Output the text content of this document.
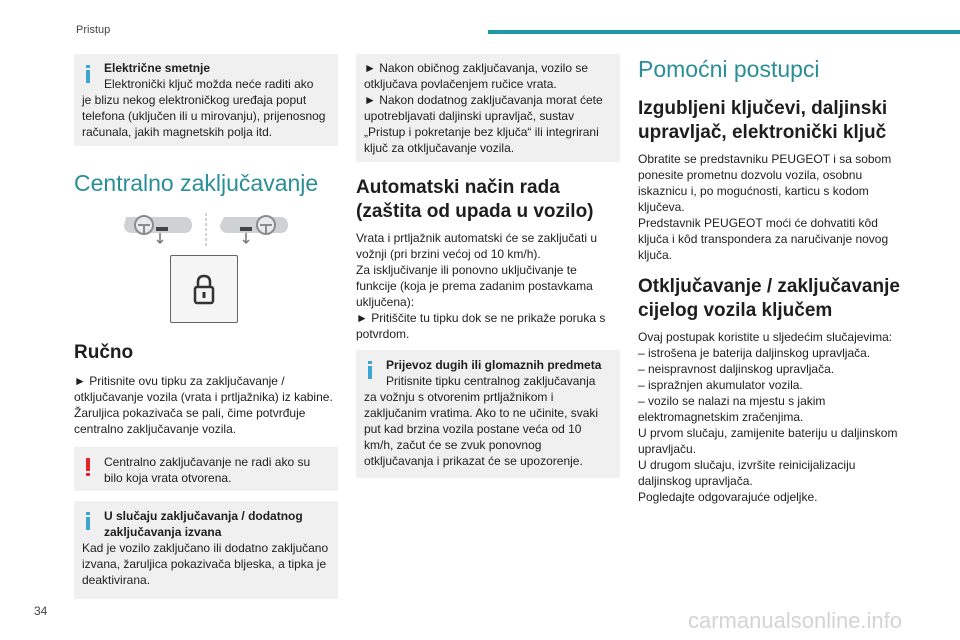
Pristup
Električne smetnje
Elektronički ključ možda neće raditi ako
je blizu nekog elektroničkog uređaja poput telefona (uključen ili u mirovanju), prijenosnog računala, jakih magnetskih polja itd.
Centralno zaključavanje
Ručno
► Pritisnite ovu tipku za zaključavanje / otključavanje vozila (vrata i prtljažnika) iz kabine.
Žaruljica pokazivača se pali, čime potvrđuje centralno zaključavanje vozila.
Centralno zaključavanje ne radi ako su bilo koja vrata otvorena.
U slučaju zaključavanja / dodatnog zaključavanja izvana
Kad je vozilo zaključano ili dodatno zaključano izvana, žaruljica pokazivača bljeska, a tipka je deaktivirana.
► Nakon običnog zaključavanja, vozilo se otključava povlačenjem ručice vrata.
► Nakon dodatnog zaključavanja morat ćete upotrebljavati daljinski upravljač, sustav „Pristup i pokretanje bez ključa“ ili integrirani ključ za otključavanje vozila.
Automatski način rada (zaštita od upada u vozilo)
Vrata i prtljažnik automatski će se zaključati u vožnji (pri brzini većoj od 10 km/h).
Za isključivanje ili ponovno uključivanje te funkcije (koja je prema zadanim postavkama uključena):
► Pritiščite tu tipku dok se ne prikaže poruka s potvrdom.
Prijevoz dugih ili glomaznih predmeta
Pritisnite tipku centralnog zaključavanja
za vožnju s otvorenim prtljažnikom i zaključanim vratima. Ako to ne učinite, svaki put kad brzina vozila postane veća od 10 km/h, začut će se zvuk ponovnog otključavanja i prikazat će se upozorenje.
Pomoćni postupci
Izgubljeni ključevi, daljinski upravljač, elektronički ključ
Obratite se predstavniku PEUGEOT i sa sobom ponesite prometnu dozvolu vozila, osobnu iskaznicu i, po mogućnosti, karticu s kodom ključeva.
Predstavnik PEUGEOT moći će dohvatiti kôd ključa i kôd transpondera za naručivanje novog ključa.
Otključavanje / zaključavanje cijelog vozila ključem
Ovaj postupak koristite u sljedećim slučajevima:
– istrošena je baterija daljinskog upravljača.
– neispravnost daljinskog upravljača.
– ispražnjen akumulator vozila.
– vozilo se nalazi na mjestu s jakim elektromagnetskim zračenjima.
U prvom slučaju, zamijenite bateriju u daljinskom upravljaču.
U drugom slučaju, izvršite reinicijalizaciju daljinskog upravljača.
Pogledajte odgovarajuće odjeljke.
34	carmanualsonline.info
